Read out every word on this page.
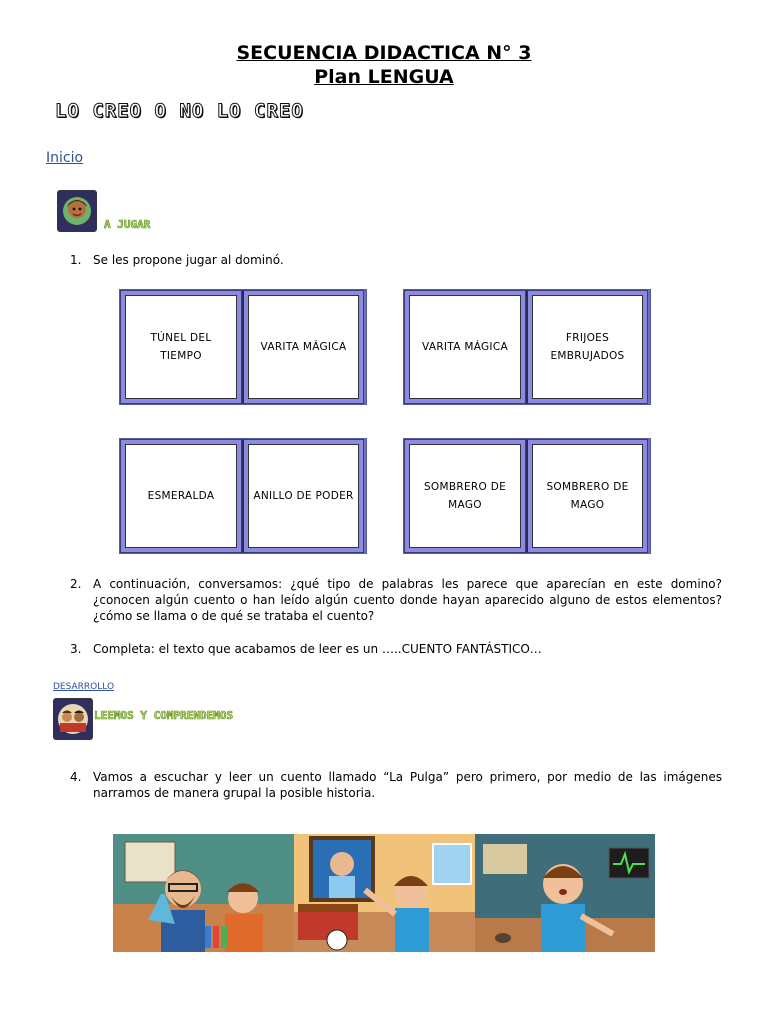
SECUENCIA DIDACTICA N° 3
Plan LENGUA
LO CREO O NO LO CREO
Inicio
A JUGAR
1. Se les propone jugar al dominó.
TÚNEL DEL
TIEMPO
VARITA MÁGICA	VARITA MÁGICA
FRIJOES
EMBRUJADOS
ESMERALDA	ANILLO DE PODER
SOMBRERO DE
MAGO
SOMBRERO DE
MAGO
2. A continuación, conversamos: ¿qué tipo de palabras les parece que aparecían en este domino? ¿conocen algún cuento o han leído algún cuento donde hayan aparecido alguno de estos elementos? ¿cómo se llama o de qué se trataba el cuento?
3. Completa: el texto que acabamos de leer es un …..CUENTO FANTÁSTICO…
DESARROLLO
LEEMOS Y COMPRENDEMOS
4. Vamos a escuchar y leer un cuento llamado “La Pulga” pero primero, por medio de las imágenes narramos de manera grupal la posible historia.
